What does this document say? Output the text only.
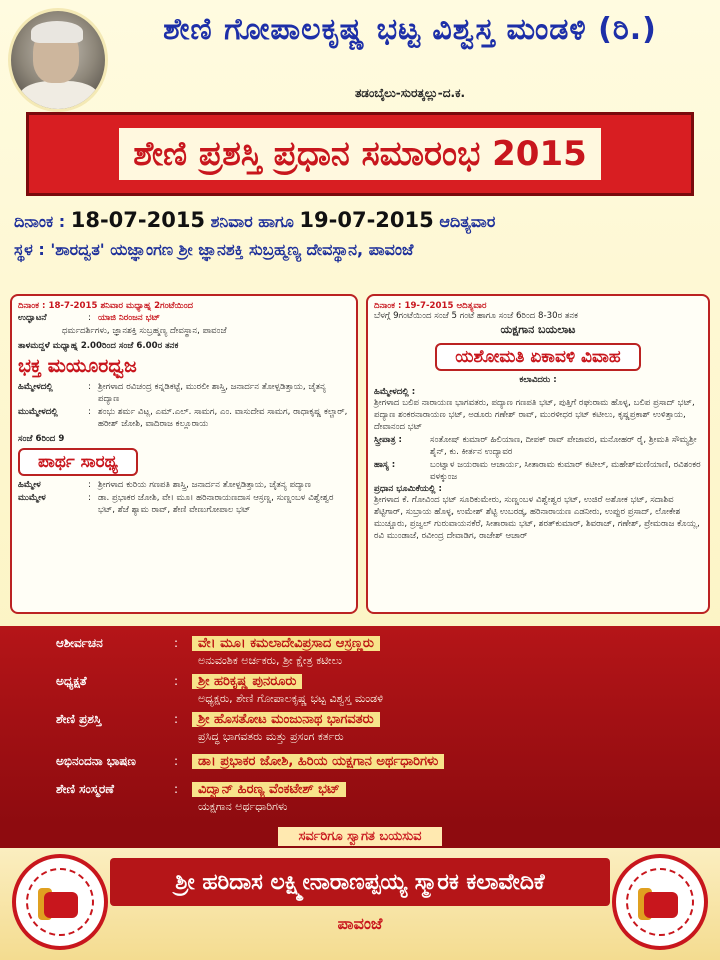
ಶೇಣಿ ಗೋಪಾಲಕೃಷ್ಣ ಭಟ್ಟ ವಿಶ್ವಸ್ತ ಮಂಡಳಿ (ರಿ.)
ತಡಂಬೈಲು-ಸುರತ್ಕಲ್ಲು-ದ.ಕ.
ಶೇಣಿ ಪ್ರಶಸ್ತಿ ಪ್ರಧಾನ ಸಮಾರಂಭ 2015
ದಿನಾಂಕ : 18-07-2015 ಶನಿವಾರ ಹಾಗೂ 19-07-2015 ಆದಿತ್ಯವಾರ
ಸ್ಥಳ : 'ಶಾರದ್ವತ' ಯಜ್ಞಾಂಗಣ ಶ್ರೀ ಜ್ಞಾನಶಕ್ತಿ ಸುಬ್ರಹ್ಮಣ್ಯ ದೇವಸ್ಥಾನ, ಪಾವಂಜೆ
ದಿನಾಂಕ : 18-7-2015 ಶನಿವಾರ ಮಧ್ಯಾಹ್ನ 2ಗಂಟೆಯಿಂದ
ಉದ್ಘಾಟನೆ	: ಯಾಜಿ ನಿರಂಜನ ಭಟ್
ಧರ್ಮದರ್ಶಿಗಳು, ಜ್ಞಾನಶಕ್ತಿ ಸುಬ್ರಹ್ಮಣ್ಯ ದೇವಸ್ಥಾನ, ಪಾವಂಜೆ
ತಾಳಮದ್ದಳೆ ಮಧ್ಯಾಹ್ನ 2.00ರಿಂದ ಸಂಜೆ 6.00ರ ತನಕ
ಭಕ್ತ ಮಯೂರಧ್ವಜ
ಹಿಮ್ಮೇಳದಲ್ಲಿ	: ಶ್ರೀಗಳಾದ ರವಿಚಂದ್ರ ಕನ್ನಡಿಕಟ್ಟೆ, ಮುರಲೀ ಶಾಸ್ತ್ರಿ, ಜನಾರ್ದನ ತೋಳ್ಪಡಿತ್ತಾಯ, ಚೈತನ್ಯ ಪದ್ಯಾಣ
ಮುಮ್ಮೇಳದಲ್ಲಿ	: ಶಂಭು ಶರ್ಮ ವಿಟ್ಲ, ಎಮ್.ಎಲ್. ಸಾಮಗ, ಎಂ. ವಾಸುದೇವ ಸಾಮಗ, ರಾಧಾಕೃಷ್ಣ ಕಲ್ಚಾರ್, ಹರೀಶ್ ಜೋಶಿ, ವಾದಿರಾಜ ಕಲ್ಲೂರಾಯ
ಸಂಜೆ 6ರಿಂದ 9
ಪಾರ್ಥ ಸಾರಥ್ಯ
ಹಿಮ್ಮೇಳ	: ಶ್ರೀಗಳಾದ ಕುರಿಯ ಗಣಪತಿ ಶಾಸ್ತ್ರಿ, ಜನಾರ್ದನ ತೋಳ್ಪಡಿತ್ತಾಯ, ಚೈತನ್ಯ ಪದ್ಯಾಣ
ಮುಮ್ಮೇಳ	: ಡಾ. ಪ್ರಭಾಕರ ಜೋಶಿ, ವೇ। ಮೂ। ಹರಿನಾರಾಯಣದಾಸ ಆಸ್ರಣ್ಣ, ಸುಣ್ಣಂಬಳ ವಿಶ್ವೇಶ್ವರ ಭಟ್, ಶೆಜೆ ಶ್ಯಾಮ ರಾವ್, ಶೇಣಿ ವೇಣುಗೋಪಾಲ ಭಟ್
ದಿನಾಂಕ : 19-7-2015 ಆದಿತ್ಯವಾರ
ಬೆಳಗ್ಗೆ 9ಗಂಟೆಯಿಂದ ಸಂಜೆ 5 ಗಂಟೆ ಹಾಗೂ ಸಂಜೆ 6ರಿಂದ 8-30ರ ತನಕ
ಯಕ್ಷಗಾನ ಬಯಲಾಟ
ಯಶೋಮತಿ ಏಕಾವಳಿ ವಿವಾಹ
ಕಲಾವಿದರು :
ಹಿಮ್ಮೇಳದಲ್ಲಿ :
ಶ್ರೀಗಳಾದ ಬಲಿಪ ನಾರಾಯಣ ಭಾಗವತರು, ಪದ್ಯಾಣ ಗಣಪತಿ ಭಟ್, ಪುತ್ತಿಗೆ ರಘುರಾಮ ಹೊಳ್ಳ, ಬಲಿಪ ಪ್ರಸಾದ್ ಭಟ್, ಪದ್ಯಾಣ ಶಂಕರನಾರಾಯಣ ಭಟ್, ಅಡೂರು ಗಣೇಶ್ ರಾವ್, ಮುರಳೀಧರ ಭಟ್ ಕಟೀಲು, ಕೃಷ್ಣಪ್ರಕಾಶ್ ಉಳಿತ್ತಾಯ, ದೇವಾನಂದ ಭಟ್
ಸ್ತ್ರೀಪಾತ್ರ :	ಸಂತೋಷ್ ಕುಮಾರ್ ಹಿಲಿಯಾಣ, ದೀಪಕ್ ರಾವ್ ಪೇಜಾವರ, ಮನೋಹರ್ ರೈ, ಶ್ರೀಮತಿ ಸೌಮ್ಯಶ್ರೀ ಶೈನ್, ಕು. ಕೀರ್ತನ ಉದ್ಯಾವರ
ಹಾಸ್ಯ :	ಬಂಟ್ವಾಳ ಜಯರಾಮ ಆಚಾರ್ಯ, ಸೀತಾರಾಮ ಕುಮಾರ್ ಕಟೀಲ್, ಮಹೇಶ್‌ಮಣಿಯಾಣಿ, ರವಿಶಂಕರ ವಳಕ್ಕುಂಜ
ಪ್ರಧಾನ ಭೂಮಿಕೆಯಲ್ಲಿ :
ಶ್ರೀಗಳಾದ ಕೆ. ಗೋವಿಂದ ಭಟ್ ಸೂರಿಕುಮೇರು, ಸುಣ್ಣಂಬಳ ವಿಶ್ವೇಶ್ವರ ಭಟ್, ಉಜಿರೆ ಅಶೋಕ ಭಟ್, ಸದಾಶಿವ ಶೆಟ್ಟಿಗಾರ್, ಸುಬ್ರಾಯ ಹೊಳ್ಳ, ಉಮೇಶ್ ಶೆಟ್ಟಿ ಉಬರಡ್ಕ, ಹರಿನಾರಾಯಣ ಎಡನೀರು, ಉಪ್ಪುರ ಪ್ರಸಾದ್, ಲೋಕೇಶ ಮುಚ್ಚೂರು, ಪ್ರಜ್ವಲ್ ಗುರುವಾಯನಕೆರೆ, ಸೀತಾರಾಮ ಭಟ್, ಶರತ್‌ಕುಮಾರ್, ಶಿವರಾಜ್, ಗಣೇಶ್, ಪ್ರೇಮರಾಜ ಕೊಯ್ಲ, ರವಿ ಮುಂಡಾಜೆ, ರವೀಂದ್ರ ದೇವಾಡಿಗ, ರಾಜೇಶ್ ಆಚಾರ್
ಆಶೀರ್ವಚನ	:	ವೇ। ಮೂ। ಕಮಲಾದೇವಿಪ್ರಸಾದ ಆಸ್ರಣ್ಣರು
ಅನುವಂಶಿಕ ಅರ್ಚಕರು, ಶ್ರೀ ಕ್ಷೇತ್ರ ಕಟೀಲು
ಅಧ್ಯಕ್ಷತೆ	:	ಶ್ರೀ ಹರಿಕೃಷ್ಣ ಪುನರೂರು
ಅಧ್ಯಕ್ಷರು, ಶೇಣಿ ಗೋಪಾಲಕೃಷ್ಣ ಭಟ್ಟ ವಿಶ್ವಸ್ತ ಮಂಡಳಿ
ಶೇಣಿ ಪ್ರಶಸ್ತಿ	:	ಶ್ರೀ ಹೊಸತೋಟ ಮಂಜುನಾಥ ಭಾಗವತರು
ಪ್ರಸಿದ್ಧ ಭಾಗವತರು ಮತ್ತು ಪ್ರಸಂಗ ಕರ್ತರು
ಅಭಿನಂದನಾ ಭಾಷಣ	:	ಡಾ। ಪ್ರಭಾಕರ ಜೋಶಿ, ಹಿರಿಯ ಯಕ್ಷಗಾನ ಅರ್ಥಧಾರಿಗಳು
ಶೇಣಿ ಸಂಸ್ಮರಣೆ	:	ವಿದ್ವಾನ್ ಹಿರಣ್ಯ ವೆಂಕಟೇಶ್ ಭಟ್
ಯಕ್ಷಗಾನ ಅರ್ಥಧಾರಿಗಳು
ಸರ್ವರಿಗೂ ಸ್ವಾಗತ ಬಯಸುವ
ಶ್ರೀ ಹರಿದಾಸ ಲಕ್ಷ್ಮೀನಾರಾಣಪ್ಪಯ್ಯ ಸ್ಮಾರಕ ಕಲಾವೇದಿಕೆ
ಪಾವಂಜೆ
